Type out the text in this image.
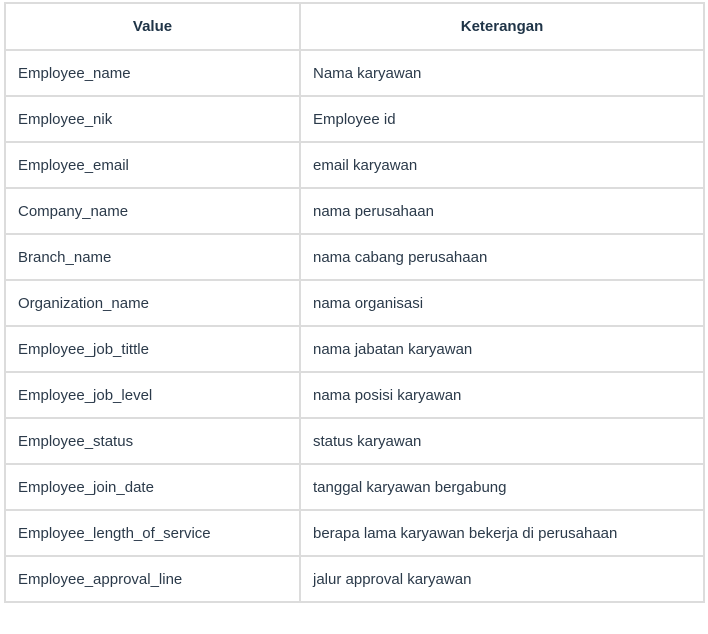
Value	Keterangan
Employee_name	Nama karyawan
Employee_nik	Employee id
Employee_email	email karyawan
Company_name	nama perusahaan
Branch_name	nama cabang perusahaan
Organization_name	nama organisasi
Employee_job_tittle	nama jabatan karyawan
Employee_job_level	nama posisi karyawan
Employee_status	status karyawan
Employee_join_date	tanggal karyawan bergabung
Employee_length_of_service	berapa lama karyawan bekerja di perusahaan
Employee_approval_line	jalur approval karyawan
